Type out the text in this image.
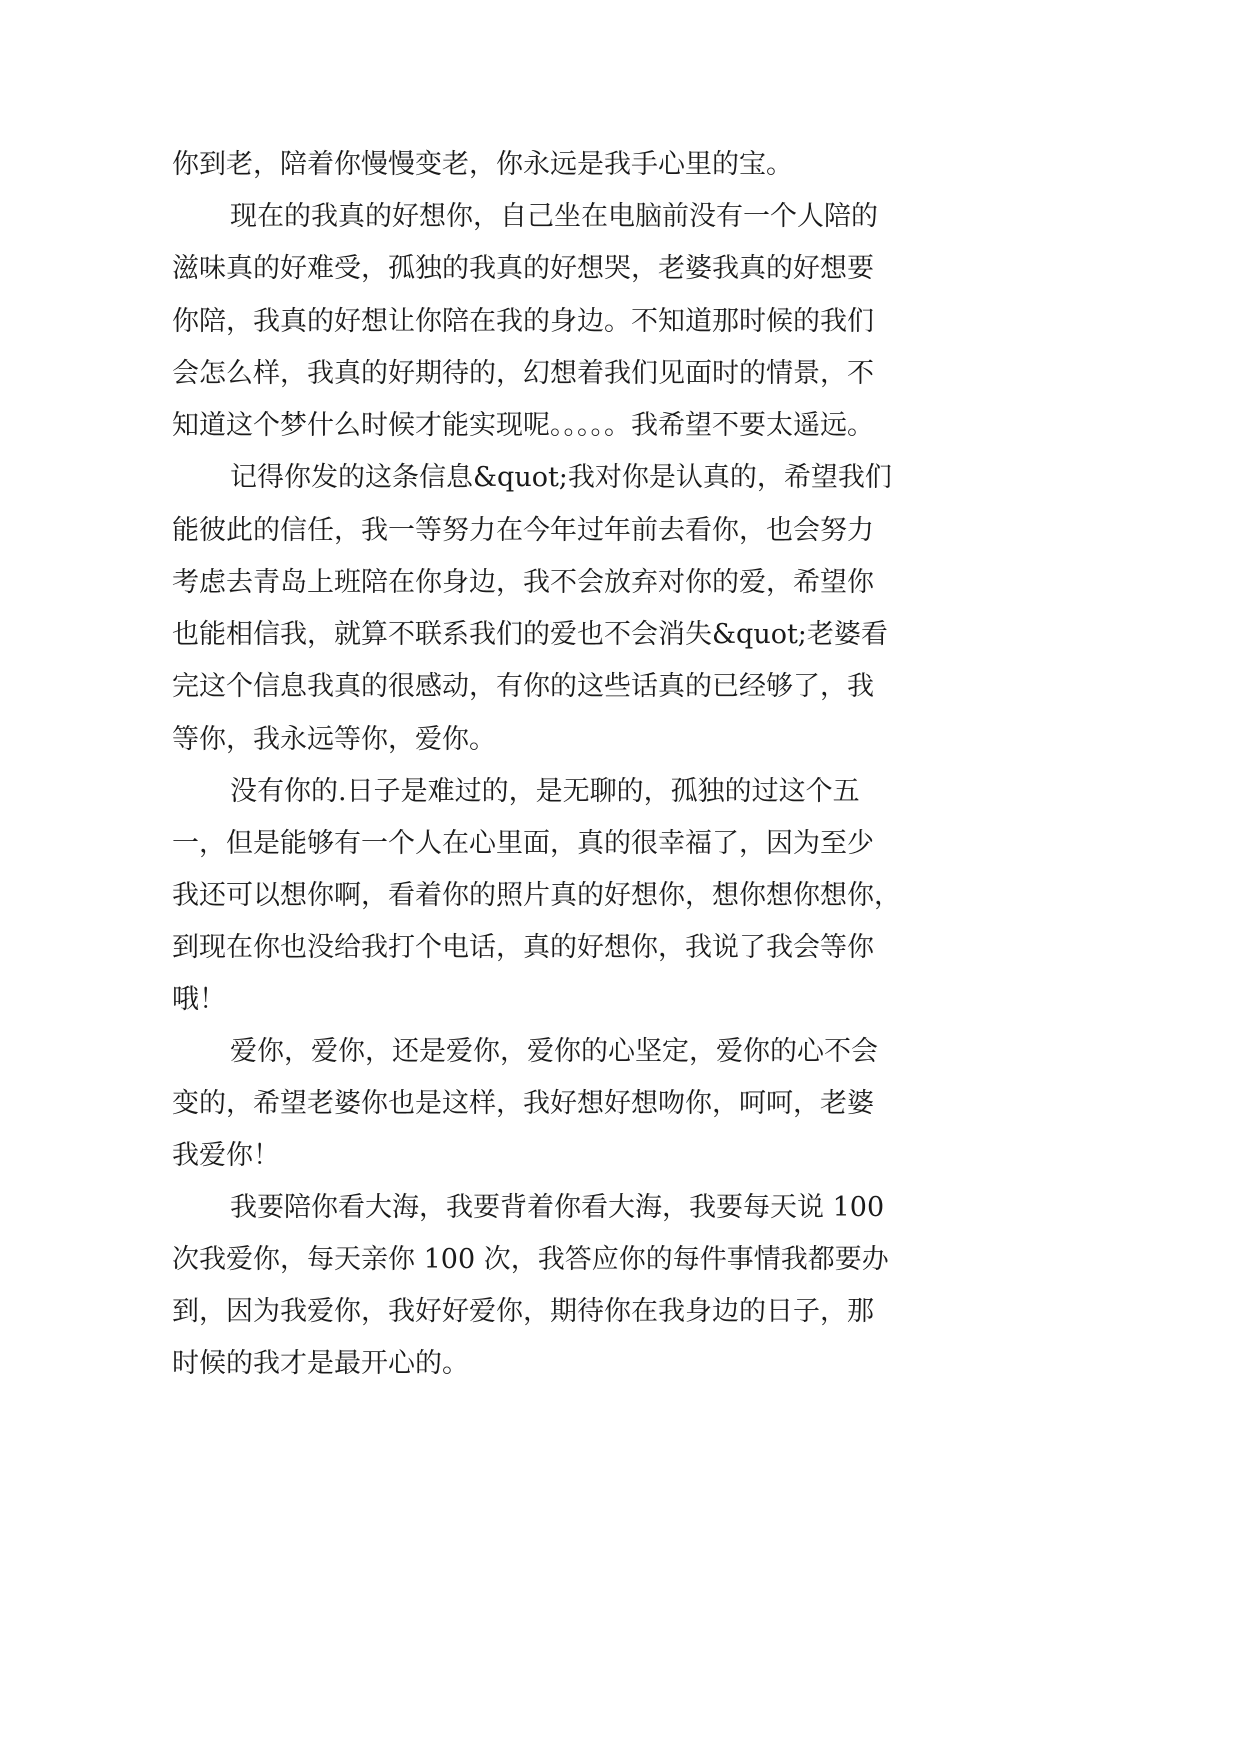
你到老，陪着你慢慢变老，你永远是我手心里的宝。

现在的我真的好想你，自己坐在电脑前没有一个人陪的

滋味真的好难受，孤独的我真的好想哭，老婆我真的好想要

你陪，我真的好想让你陪在我的身边。不知道那时候的我们

会怎么样，我真的好期待的，幻想着我们见面时的情景，不

知道这个梦什么时候才能实现呢。。。。。我希望不要太遥远。

记得你发的这条信息&quot;我对你是认真的，希望我们

能彼此的信任，我一等努力在今年过年前去看你，也会努力

考虑去青岛上班陪在你身边，我不会放弃对你的爱，希望你

也能相信我，就算不联系我们的爱也不会消失&quot;老婆看

完这个信息我真的很感动，有你的这些话真的已经够了，我

等你，我永远等你，爱你。

没有你的.日子是难过的，是无聊的，孤独的过这个五

一，但是能够有一个人在心里面，真的很幸福了，因为至少

我还可以想你啊，看着你的照片真的好想你，想你想你想你，

到现在你也没给我打个电话，真的好想你，我说了我会等你

哦！

爱你，爱你，还是爱你，爱你的心坚定，爱你的心不会

变的，希望老婆你也是这样，我好想好想吻你，呵呵，老婆

我爱你！

我要陪你看大海，我要背着你看大海，我要每天说 100

次我爱你，每天亲你 100 次，我答应你的每件事情我都要办

到，因为我爱你，我好好爱你，期待你在我身边的日子，那

时候的我才是最开心的。
